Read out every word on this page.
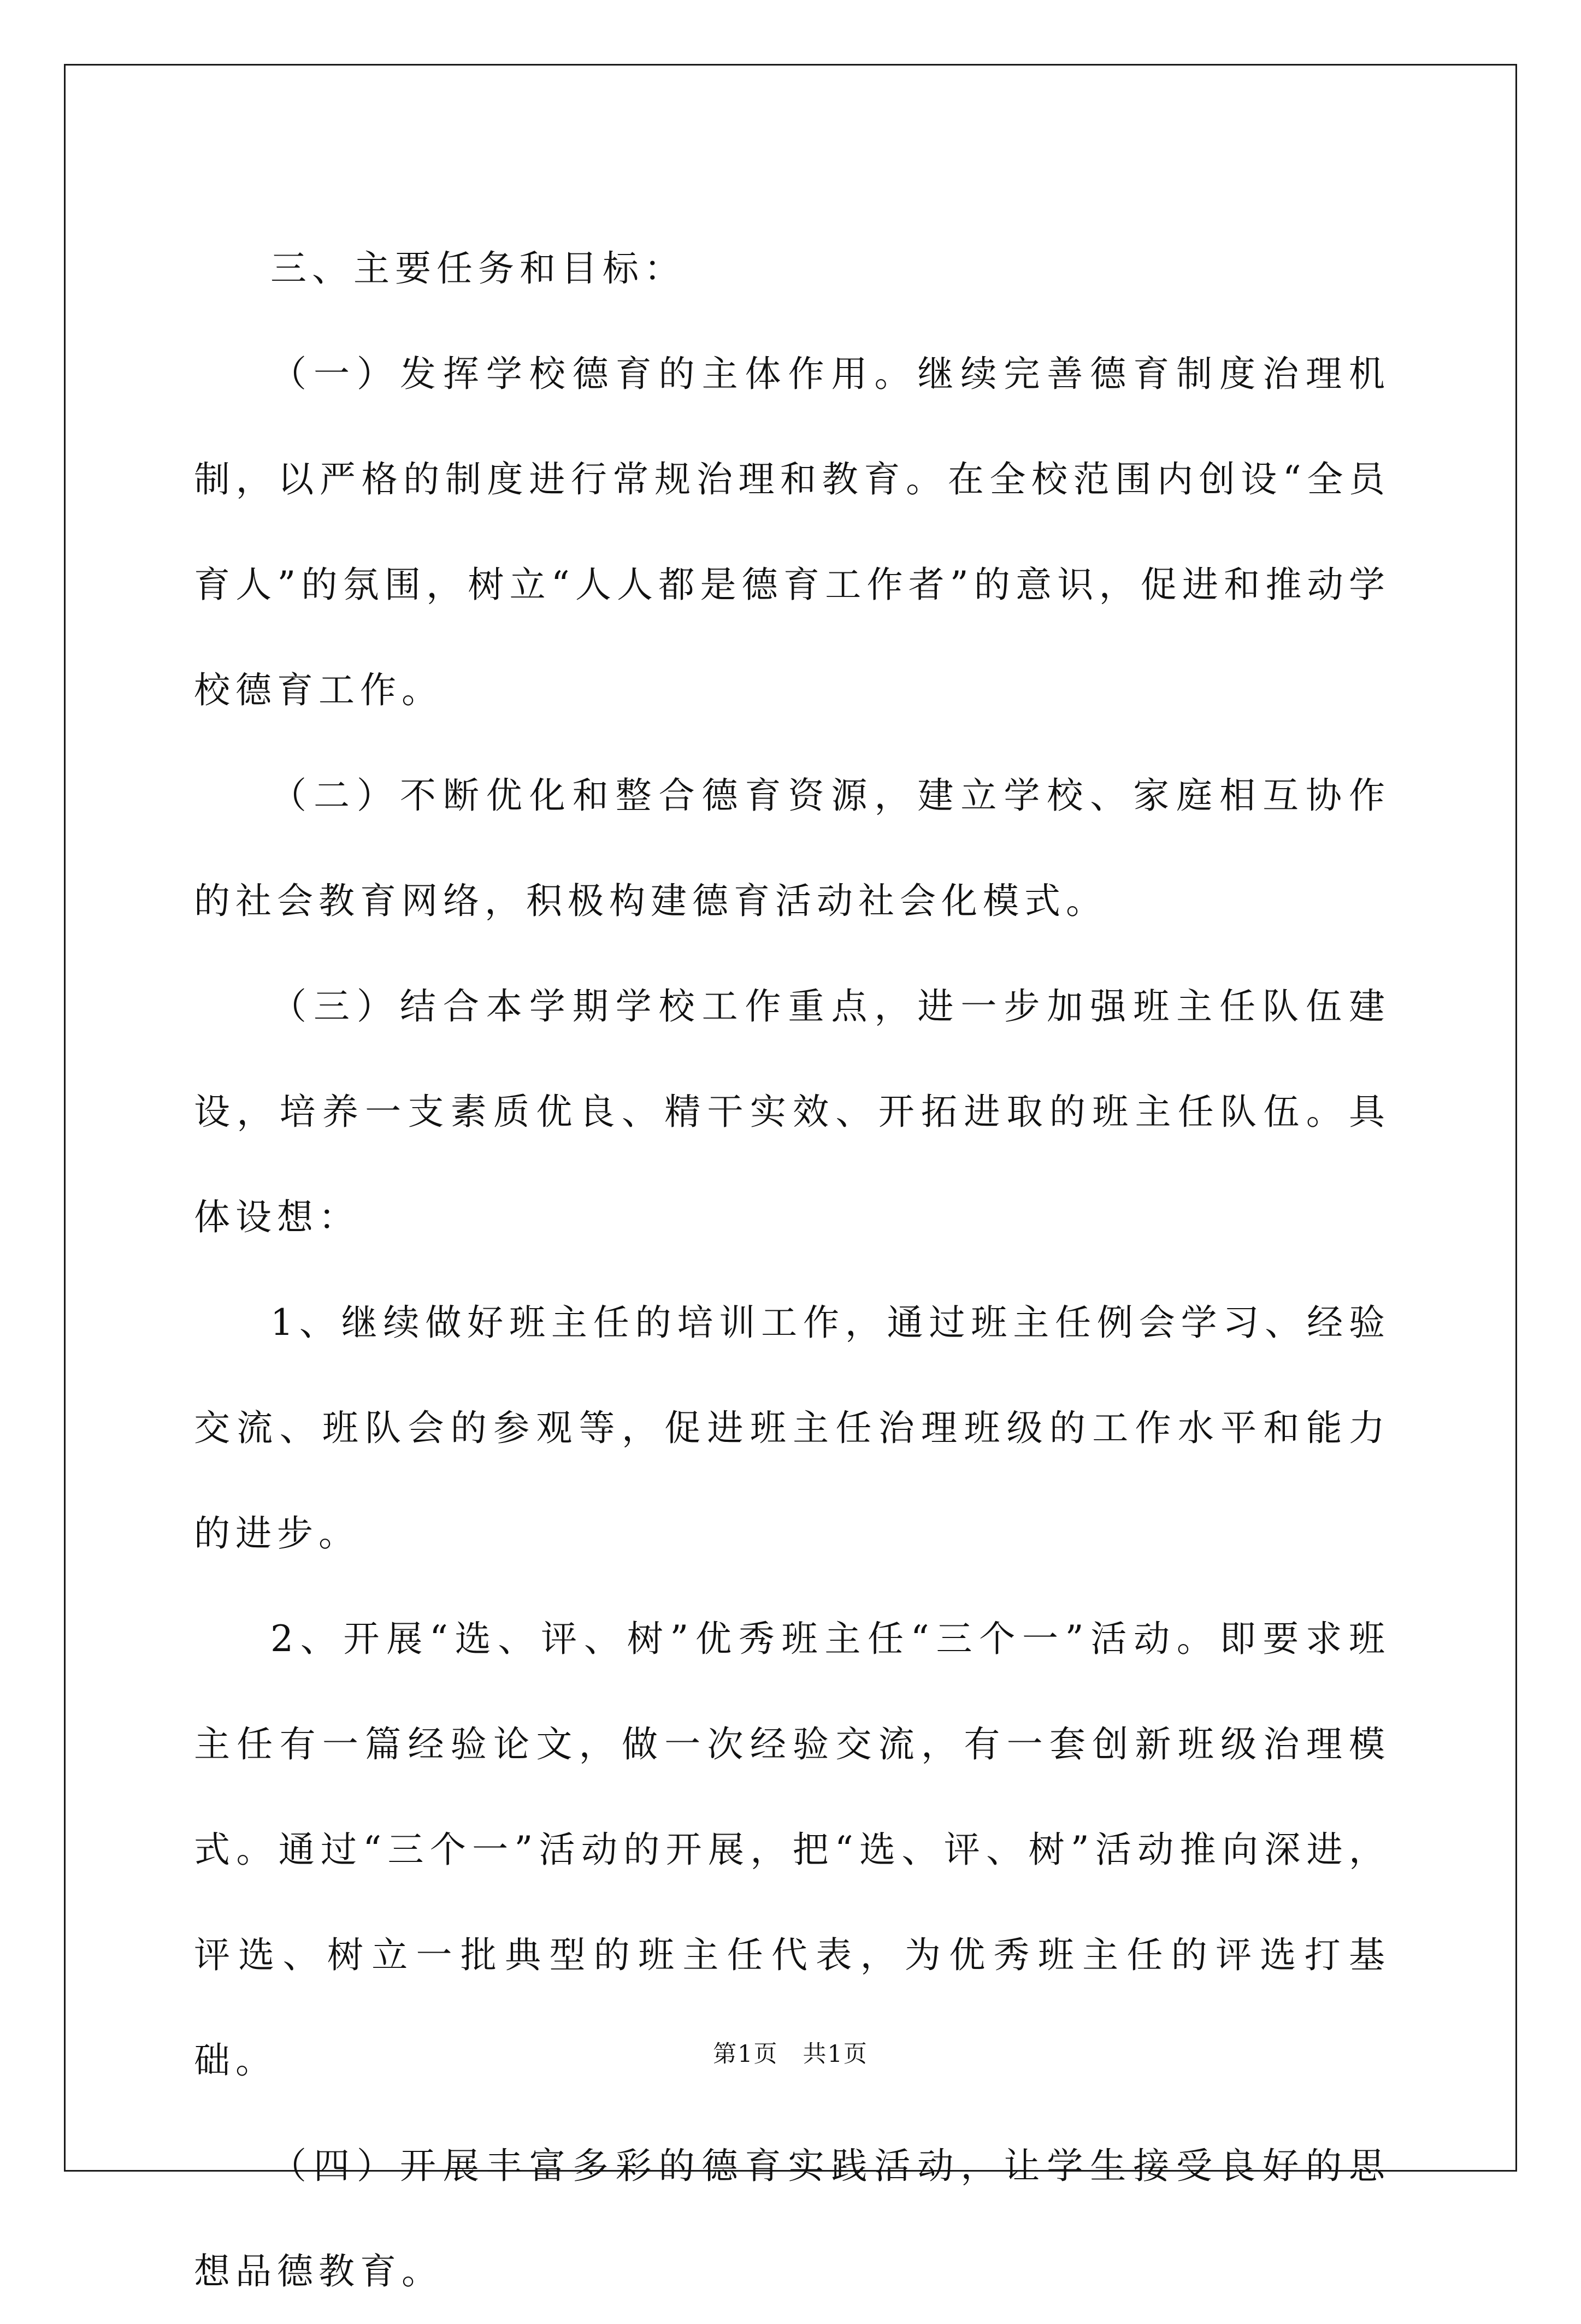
三、主要任务和目标：

（一）发挥学校德育的主体作用。继续完善德育制度治理机制，以严格的制度进行常规治理和教育。在全校范围内创设“全员育人”的氛围，树立“人人都是德育工作者”的意识，促进和推动学校德育工作。

（二）不断优化和整合德育资源，建立学校、家庭相互协作的社会教育网络，积极构建德育活动社会化模式。

（三）结合本学期学校工作重点，进一步加强班主任队伍建设，培养一支素质优良、精干实效、开拓进取的班主任队伍。具体设想：

1、继续做好班主任的培训工作，通过班主任例会学习、经验交流、班队会的参观等，促进班主任治理班级的工作水平和能力的进步。

2、开展“选、评、树”优秀班主任“三个一”活动。即要求班主任有一篇经验论文，做一次经验交流，有一套创新班级治理模式。通过“三个一”活动的开展，把“选、评、树”活动推向深进，评选、树立一批典型的班主任代表，为优秀班主任的评选打基础。

（四）开展丰富多彩的德育实践活动，让学生接受良好的思想品德教育。

第1页　共1页
